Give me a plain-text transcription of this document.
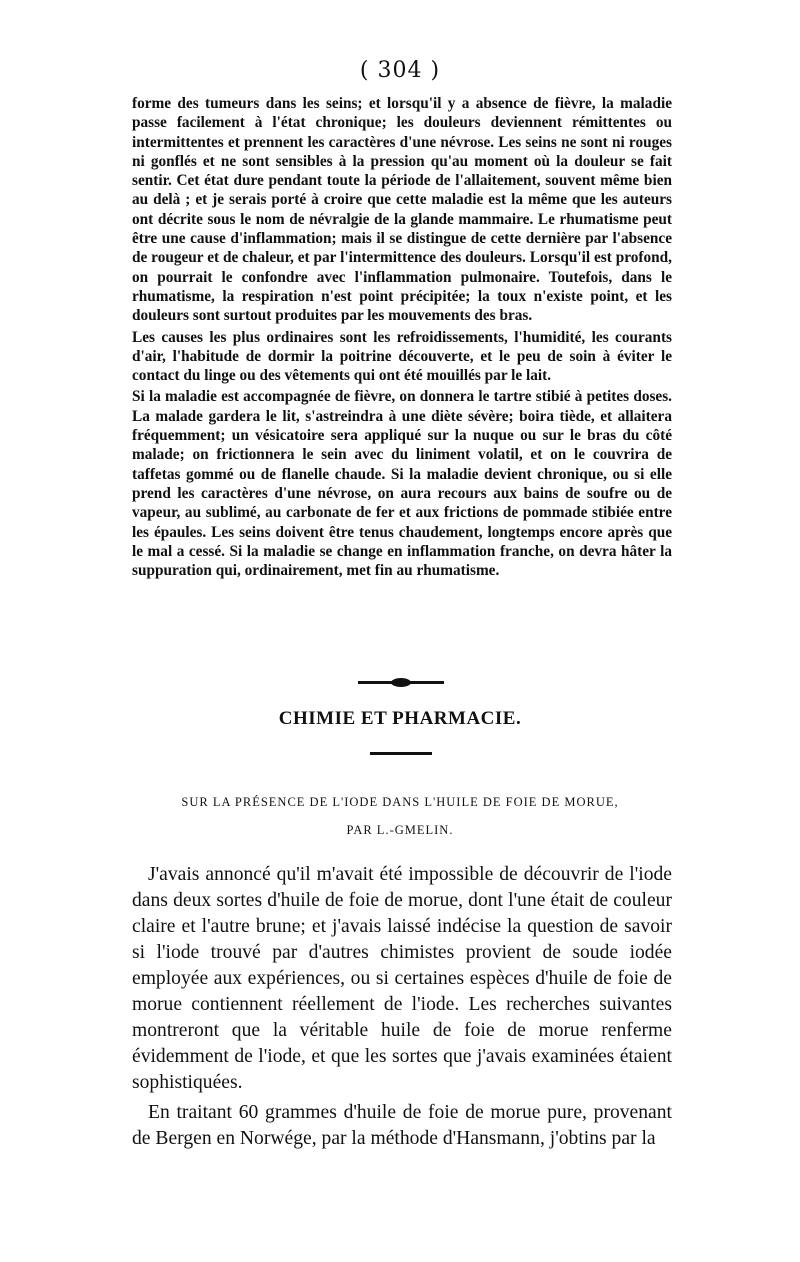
( 304 )

forme des tumeurs dans les seins; et lorsqu'il y a absence de fièvre, la maladie passe facilement à l'état chronique; les douleurs deviennent rémittentes ou intermittentes et prennent les caractères d'une névrose. Les seins ne sont ni rouges ni gonflés et ne sont sensibles à la pression qu'au moment où la douleur se fait sentir. Cet état dure pendant toute la période de l'allaitement, souvent même bien au delà ; et je serais porté à croire que cette maladie est la même que les auteurs ont décrite sous le nom de névralgie de la glande mammaire. Le rhumatisme peut être une cause d'inflammation; mais il se distingue de cette dernière par l'absence de rougeur et de chaleur, et par l'intermittence des douleurs. Lorsqu'il est profond, on pourrait le confondre avec l'inflammation pulmonaire. Toutefois, dans le rhumatisme, la respiration n'est point précipitée; la toux n'existe point, et les douleurs sont surtout produites par les mouvements des bras.

Les causes les plus ordinaires sont les refroidissements, l'humidité, les courants d'air, l'habitude de dormir la poitrine découverte, et le peu de soin à éviter le contact du linge ou des vêtements qui ont été mouillés par le lait.

Si la maladie est accompagnée de fièvre, on donnera le tartre stibié à petites doses. La malade gardera le lit, s'astreindra à une diète sévère; boira tiède, et allaitera fréquemment; un vésicatoire sera appliqué sur la nuque ou sur le bras du côté malade; on frictionnera le sein avec du liniment volatil, et on le couvrira de taffetas gommé ou de flanelle chaude. Si la maladie devient chronique, ou si elle prend les caractères d'une névrose, on aura recours aux bains de soufre ou de vapeur, au sublimé, au carbonate de fer et aux frictions de pommade stibiée entre les épaules. Les seins doivent être tenus chaudement, longtemps encore après que le mal a cessé. Si la maladie se change en inflammation franche, on devra hâter la suppuration qui, ordinairement, met fin au rhumatisme.

CHIMIE ET PHARMACIE.
SUR LA PRÉSENCE DE L'IODE DANS L'HUILE DE FOIE DE MORUE,
PAR L.-GMELIN.

J'avais annoncé qu'il m'avait été impossible de découvrir de l'iode dans deux sortes d'huile de foie de morue, dont l'une était de couleur claire et l'autre brune; et j'avais laissé indécise la question de savoir si l'iode trouvé par d'autres chimistes provient de soude iodée employée aux expériences, ou si certaines espèces d'huile de foie de morue contiennent réellement de l'iode. Les recherches suivantes montreront que la véritable huile de foie de morue renferme évidemment de l'iode, et que les sortes que j'avais examinées étaient sophistiquées.

En traitant 60 grammes d'huile de foie de morue pure, provenant de Bergen en Norwége, par la méthode d'Hansmann, j'obtins par la
